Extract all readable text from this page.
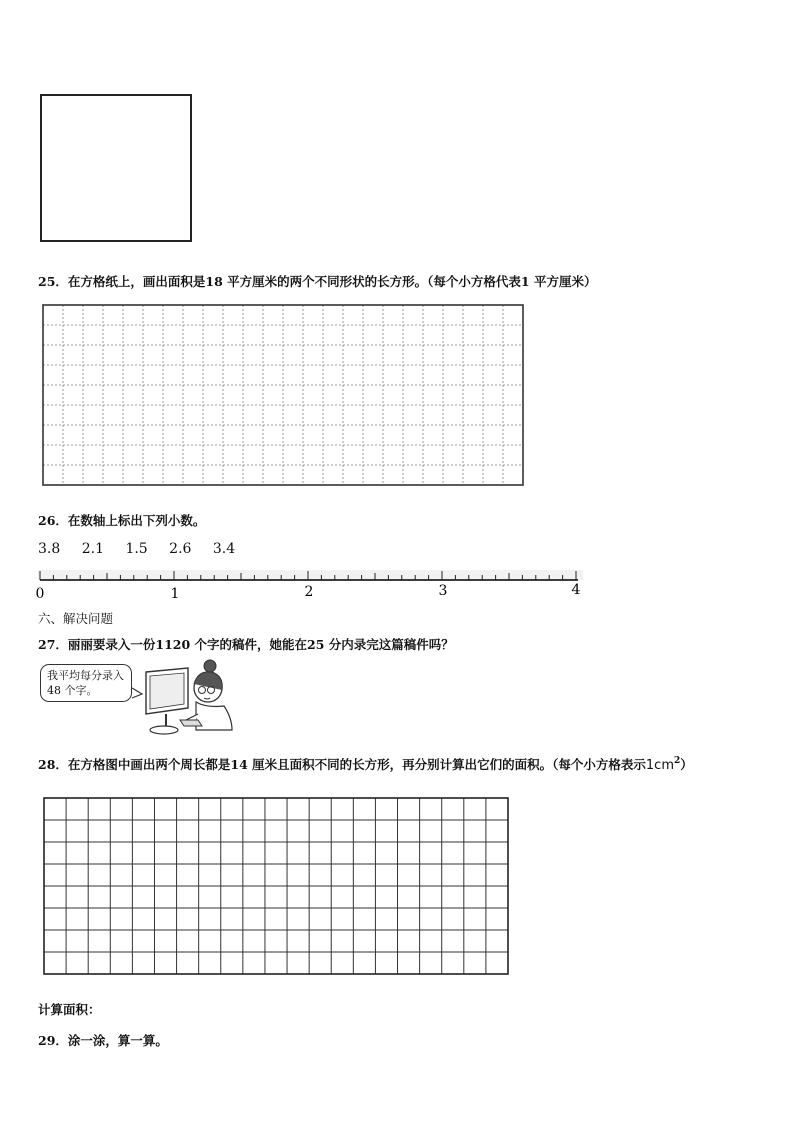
25．在方格纸上，画出面积是18 平方厘米的两个不同形状的长方形。（每个小方格代表1 平方厘米）
26．在数轴上标出下列小数。
3.8 2.1 1.5 2.6 3.4
0	1	2	3	4
六、解决问题
27．丽丽要录入一份1120 个字的稿件，她能在25 分内录完这篇稿件吗？
我平均每分录入 48 个字。
28．在方格图中画出两个周长都是14 厘米且面积不同的长方形，再分别计算出它们的面积。（每个小方格表示$1cm^2$）
计算面积：
29．涂一涂，算一算。
